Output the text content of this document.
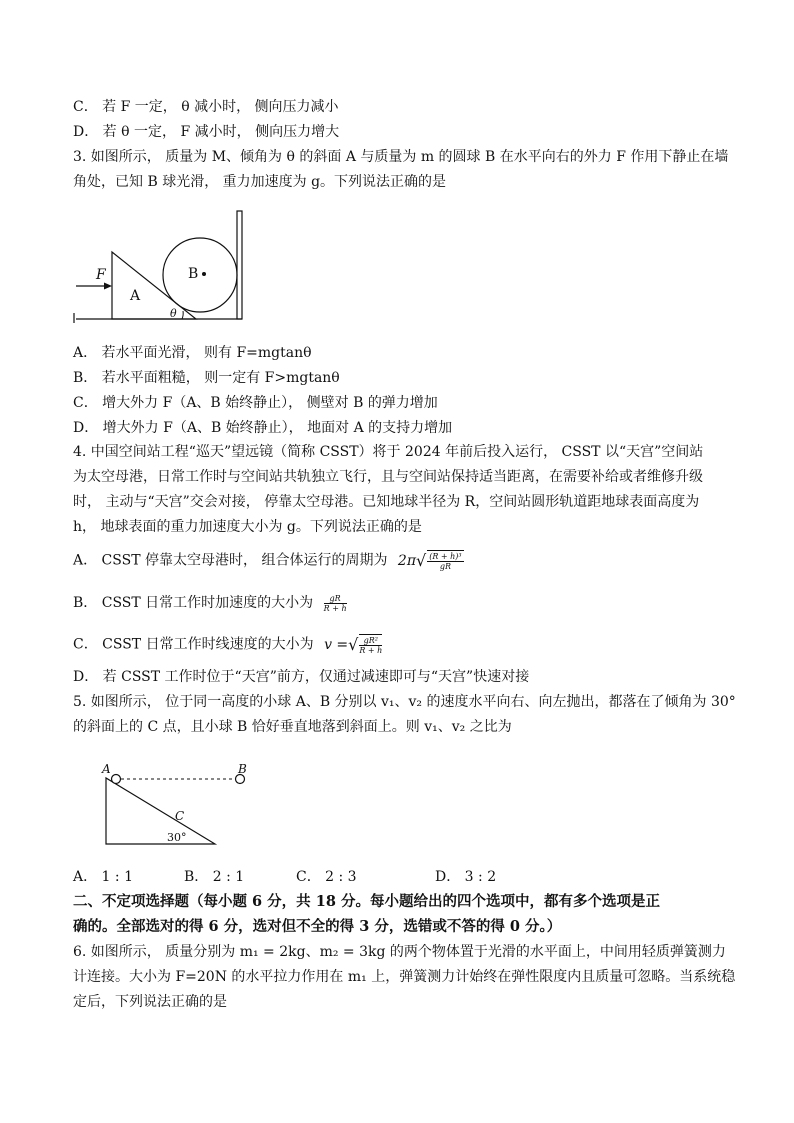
C． 若 F 一定， θ 减小时， 侧向压力减小
D． 若 θ 一定， F 减小时， 侧向压力增大
3. 如图所示， 质量为 M、倾角为 θ 的斜面 A 与质量为 m 的圆球 B 在水平向右的外力 F 作用下静止在墙
角处，已知 B 球光滑， 重力加速度为 g。下列说法正确的是
F
A
B
θ
A． 若水平面光滑， 则有 F=mgtanθ
B． 若水平面粗糙， 则一定有 F>mgtanθ
C． 增大外力 F（A、B 始终静止）， 侧壁对 B 的弹力增加
D． 增大外力 F（A、B 始终静止）， 地面对 A 的支持力增加
4. 中国空间站工程“巡天”望远镜（简称 CSST）将于 2024 年前后投入运行， CSST 以“天宫”空间站
为太空母港，日常工作时与空间站共轨独立飞行，且与空间站保持适当距离，在需要补给或者维修升级
时， 主动与“天宫”交会对接， 停靠太空母港。已知地球半径为 R，空间站圆形轨道距地球表面高度为
h， 地球表面的重力加速度大小为 g。下列说法正确的是
A． CSST 停靠太空母港时， 组合体运行的周期为 $2\pi√ \frac{\text{(R + h)³}}{gR}$
B． CSST 日常工作时加速度的大小为 $\frac{gR}{R + h}$
C． CSST 日常工作时线速度的大小为 v =√ $\frac{\text{gR²}}{R + h}$
D． 若 CSST 工作时位于“天宫”前方，仅通过减速即可与“天宫”快速对接
5. 如图所示， 位于同一高度的小球 A、B 分别以 v₁、v₂ 的速度水平向右、向左抛出，都落在了倾角为 30°
的斜面上的 C 点，且小球 B 恰好垂直地落到斜面上。则 v₁、v₂ 之比为
A	B
C
30°
A． 1 : 1	B． 2 : 1	C． 2 : 3	D． 3 : 2
二、不定项选择题（每小题 6 分，共 18 分。每小题给出的四个选项中，都有多个选项是正
确的。全部选对的得 6 分，选对但不全的得 3 分，选错或不答的得 0 分。）
6. 如图所示， 质量分别为 m₁ = 2kg、m₂ = 3kg 的两个物体置于光滑的水平面上，中间用轻质弹簧测力
计连接。大小为 F=20N 的水平拉力作用在 m₁ 上，弹簧测力计始终在弹性限度内且质量可忽略。当系统稳
定后，下列说法正确的是
